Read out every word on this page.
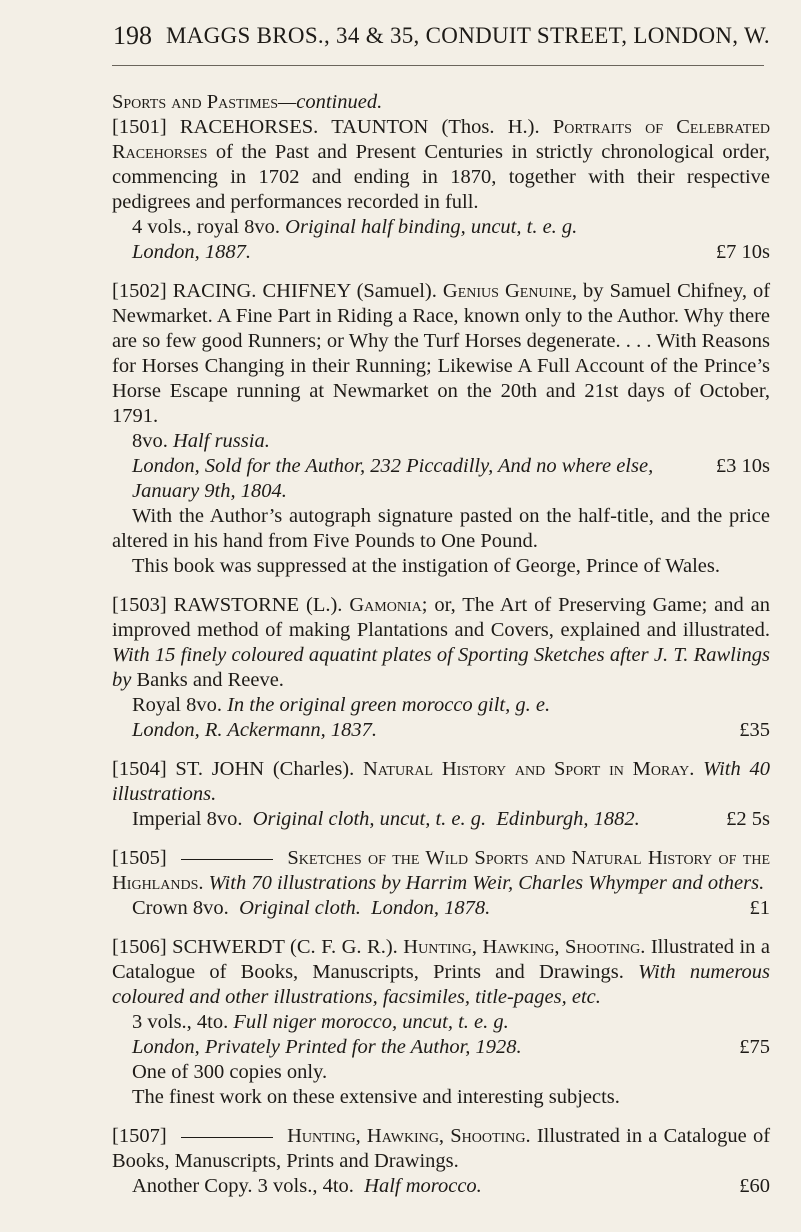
198 MAGGS BROS., 34 & 35, CONDUIT STREET, LONDON, W.

Sports and Pastimes—continued.

[1501] RACEHORSES. TAUNTON (Thos. H.). Portraits of Celebrated Racehorses of the Past and Present Centuries in strictly chronological order, commencing in 1702 and ending in 1870, together with their respective pedigrees and performances recorded in full.

4 vols., royal 8vo. Original half binding, uncut, t. e. g.

London, 1887.	£7 10s

[1502] RACING. CHIFNEY (Samuel). Genius Genuine, by Samuel Chifney, of Newmarket. A Fine Part in Riding a Race, known only to the Author. Why there are so few good Runners; or Why the Turf Horses degenerate. . . . With Reasons for Horses Changing in their Running; Likewise A Full Account of the Prince’s Horse Escape running at Newmarket on the 20th and 21st days of October, 1791.

8vo. Half russia.

London, Sold for the Author, 232 Piccadilly, And no where else, January 9th, 1804.
£3 10s

With the Author’s autograph signature pasted on the half-title, and the price altered in his hand from Five Pounds to One Pound.

This book was suppressed at the instigation of George, Prince of Wales.

[1503] RAWSTORNE (L.). Gamonia; or, The Art of Preserving Game; and an improved method of making Plantations and Covers, explained and illustrated. With 15 finely coloured aquatint plates of Sporting Sketches after J. T. Rawlings by Banks and Reeve.

Royal 8vo. In the original green morocco gilt, g. e.

London, R. Ackermann, 1837.	£35

[1504] ST. JOHN (Charles). Natural History and Sport in Moray. With 40 illustrations.

Imperial 8vo. Original cloth, uncut, t. e. g. Edinburgh, 1882.	£2 5s

[1505]	Sketches of the Wild Sports and Natural History of the Highlands. With 70 illustrations by Harrim Weir, Charles Whymper and others.

Crown 8vo. Original cloth. London, 1878.	£1

[1506] SCHWERDT (C. F. G. R.). Hunting, Hawking, Shooting. Illustrated in a Catalogue of Books, Manuscripts, Prints and Drawings. With numerous coloured and other illustrations, facsimiles, title-pages, etc.

3 vols., 4to. Full niger morocco, uncut, t. e. g.

London, Privately Printed for the Author, 1928.	£75

One of 300 copies only.

The finest work on these extensive and interesting subjects.

[1507]	Hunting, Hawking, Shooting. Illustrated in a Catalogue of Books, Manuscripts, Prints and Drawings.

Another Copy. 3 vols., 4to. Half morocco.	£60
